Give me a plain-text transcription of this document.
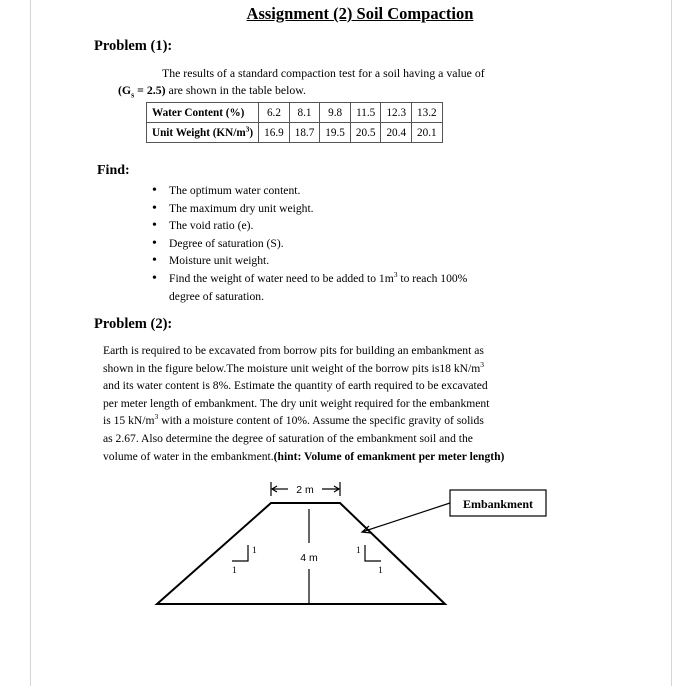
Assignment (2) Soil Compaction
Problem (1):
The results of a standard compaction test for a soil having a value of
$(G_s = 2.5)$ are shown in the table below.
Water Content (%)	6.2	8.1	9.8	11.5	12.3	13.2
Unit Weight $(KN/m^3)$	16.9	18.7	19.5	20.5	20.4	20.1
Find:
• The optimum water content.
• The maximum dry unit weight.
• The void ratio (e).
• Degree of saturation (S).
• Moisture unit weight.
• Find the weight of water need to be added to $1m^3$ to reach 100%
degree of saturation.
Problem (2):
Earth is required to be excavated from borrow pits for building an embankment as
shown in the figure below.The moisture unit weight of the borrow pits is18 $kN/m^3$
and its water content is 8%. Estimate the quantity of earth required to be excavated
per meter length of embankment. The dry unit weight required for the embankment
is 15 $kN/m^3$ with a moisture content of 10%. Assume the specific gravity of solids
as 2.67. Also determine the degree of saturation of the embankment soil and the
volume of water in the embankment.(hint: Volume of emankment per meter length)
2 m
4 m
1
1
1
1
Embankment
